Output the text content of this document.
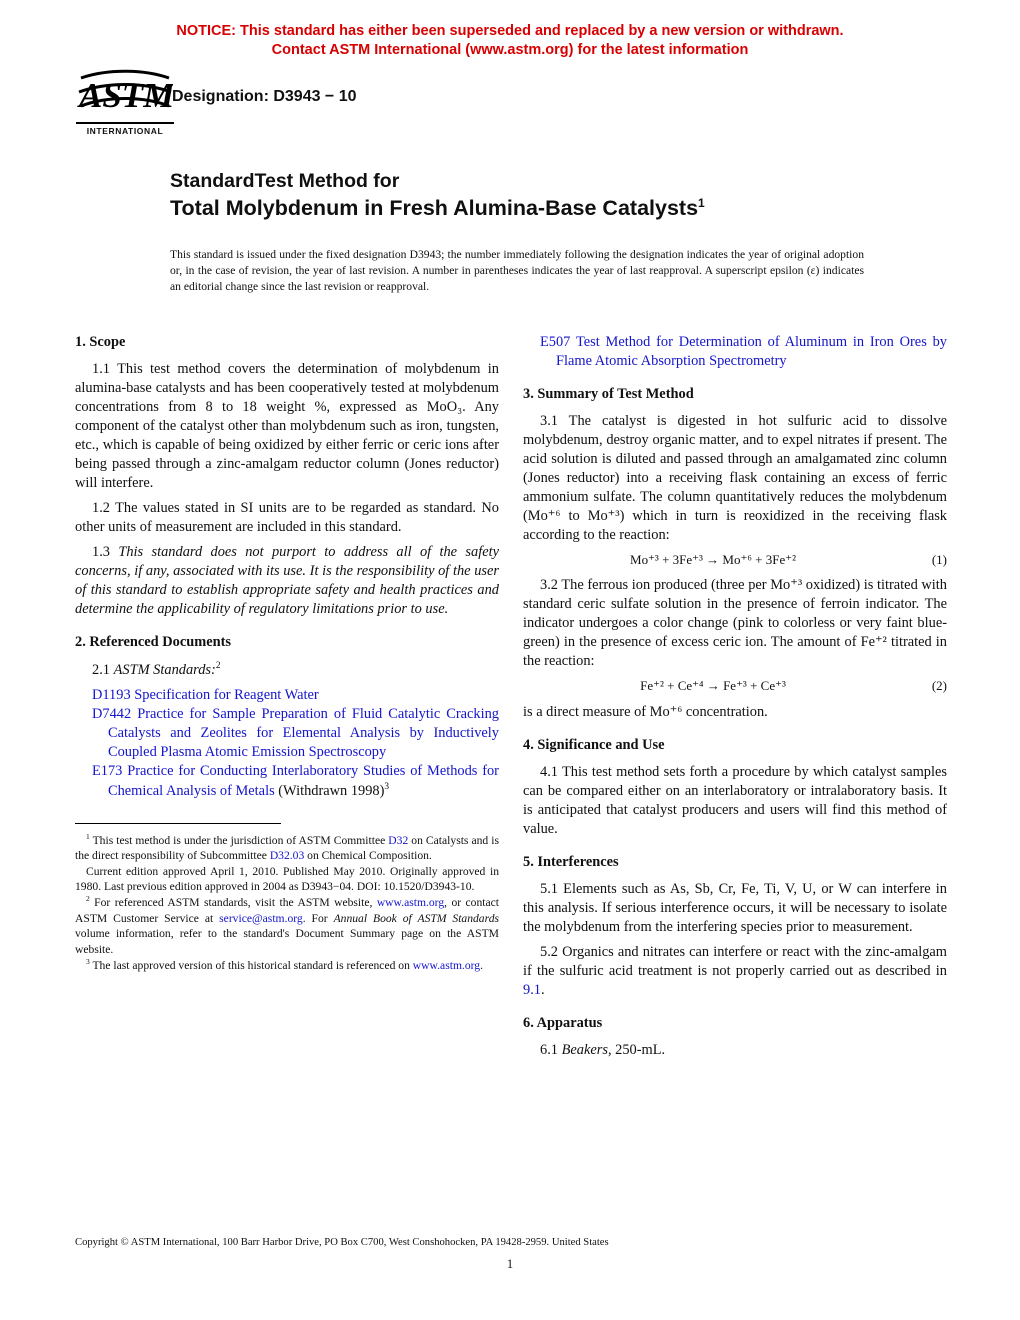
NOTICE: This standard has either been superseded and replaced by a new version or withdrawn.
Contact ASTM International (www.astm.org) for the latest information
ASTM
INTERNATIONAL
Designation: D3943 − 10
StandardTest Method for
Total Molybdenum in Fresh Alumina-Base Catalysts$^1$

This standard is issued under the fixed designation D3943; the number immediately following the designation indicates the year of original adoption or, in the case of revision, the year of last revision. A number in parentheses indicates the year of last reapproval. A superscript epsilon (ε) indicates an editorial change since the last revision or reapproval.

1. Scope

1.1 This test method covers the determination of molybdenum in alumina-base catalysts and has been cooperatively tested at molybdenum concentrations from 8 to 18 weight %, expressed as MoO₃. Any component of the catalyst other than molybdenum such as iron, tungsten, etc., which is capable of being oxidized by either ferric or ceric ions after being passed through a zinc-amalgam reductor column (Jones reductor) will interfere.

1.2 The values stated in SI units are to be regarded as standard. No other units of measurement are included in this standard.

1.3 This standard does not purport to address all of the safety concerns, if any, associated with its use. It is the responsibility of the user of this standard to establish appropriate safety and health practices and determine the applicability of regulatory limitations prior to use.

2. Referenced Documents

2.1 ASTM Standards:$^2$

D1193 Specification for Reagent Water
D7442 Practice for Sample Preparation of Fluid Catalytic Cracking Catalysts and Zeolites for Elemental Analysis by Inductively Coupled Plasma Atomic Emission Spectroscopy
E173 Practice for Conducting Interlaboratory Studies of Methods for Chemical Analysis of Metals (Withdrawn 1998)$^3$

$^1$ This test method is under the jurisdiction of ASTM Committee D32 on Catalysts and is the direct responsibility of Subcommittee D32.03 on Chemical Composition.

Current edition approved April 1, 2010. Published May 2010. Originally approved in 1980. Last previous edition approved in 2004 as D3943−04. DOI: 10.1520/D3943-10.

$^2$ For referenced ASTM standards, visit the ASTM website, www.astm.org, or contact ASTM Customer Service at service@astm.org. For Annual Book of ASTM Standards volume information, refer to the standard's Document Summary page on the ASTM website.

$^3$ The last approved version of this historical standard is referenced on www.astm.org.

E507 Test Method for Determination of Aluminum in Iron Ores by Flame Atomic Absorption Spectrometry
3. Summary of Test Method

3.1 The catalyst is digested in hot sulfuric acid to dissolve molybdenum, destroy organic matter, and to expel nitrates if present. The acid solution is diluted and passed through an amalgamated zinc column (Jones reductor) into a receiving flask containing an excess of ferric ammonium sulfate. The column quantitatively reduces the molybdenum (Mo⁺⁶ to Mo⁺³) which in turn is reoxidized in the receiving flask according to the reaction:

Mo⁺³ + 3Fe⁺³ → Mo⁺⁶ + 3Fe⁺²	(1)

3.2 The ferrous ion produced (three per Mo⁺³ oxidized) is titrated with standard ceric sulfate solution in the presence of ferroin indicator. The indicator undergoes a color change (pink to colorless or very faint blue-green) in the presence of excess ceric ion. The amount of Fe⁺² titrated in the reaction:

Fe⁺² + Ce⁺⁴ → Fe⁺³ + Ce⁺³	(2)

is a direct measure of Mo⁺⁶ concentration.

4. Significance and Use

4.1 This test method sets forth a procedure by which catalyst samples can be compared either on an interlaboratory or intralaboratory basis. It is anticipated that catalyst producers and users will find this method of value.

5. Interferences

5.1 Elements such as As, Sb, Cr, Fe, Ti, V, U, or W can interfere in this analysis. If serious interference occurs, it will be necessary to isolate the molybdenum from the interfering species prior to measurement.

5.2 Organics and nitrates can interfere or react with the zinc-amalgam if the sulfuric acid treatment is not properly carried out as described in 9.1.

6. Apparatus

6.1 Beakers, 250-mL.

Copyright © ASTM International, 100 Barr Harbor Drive, PO Box C700, West Conshohocken, PA 19428-2959. United States
1
